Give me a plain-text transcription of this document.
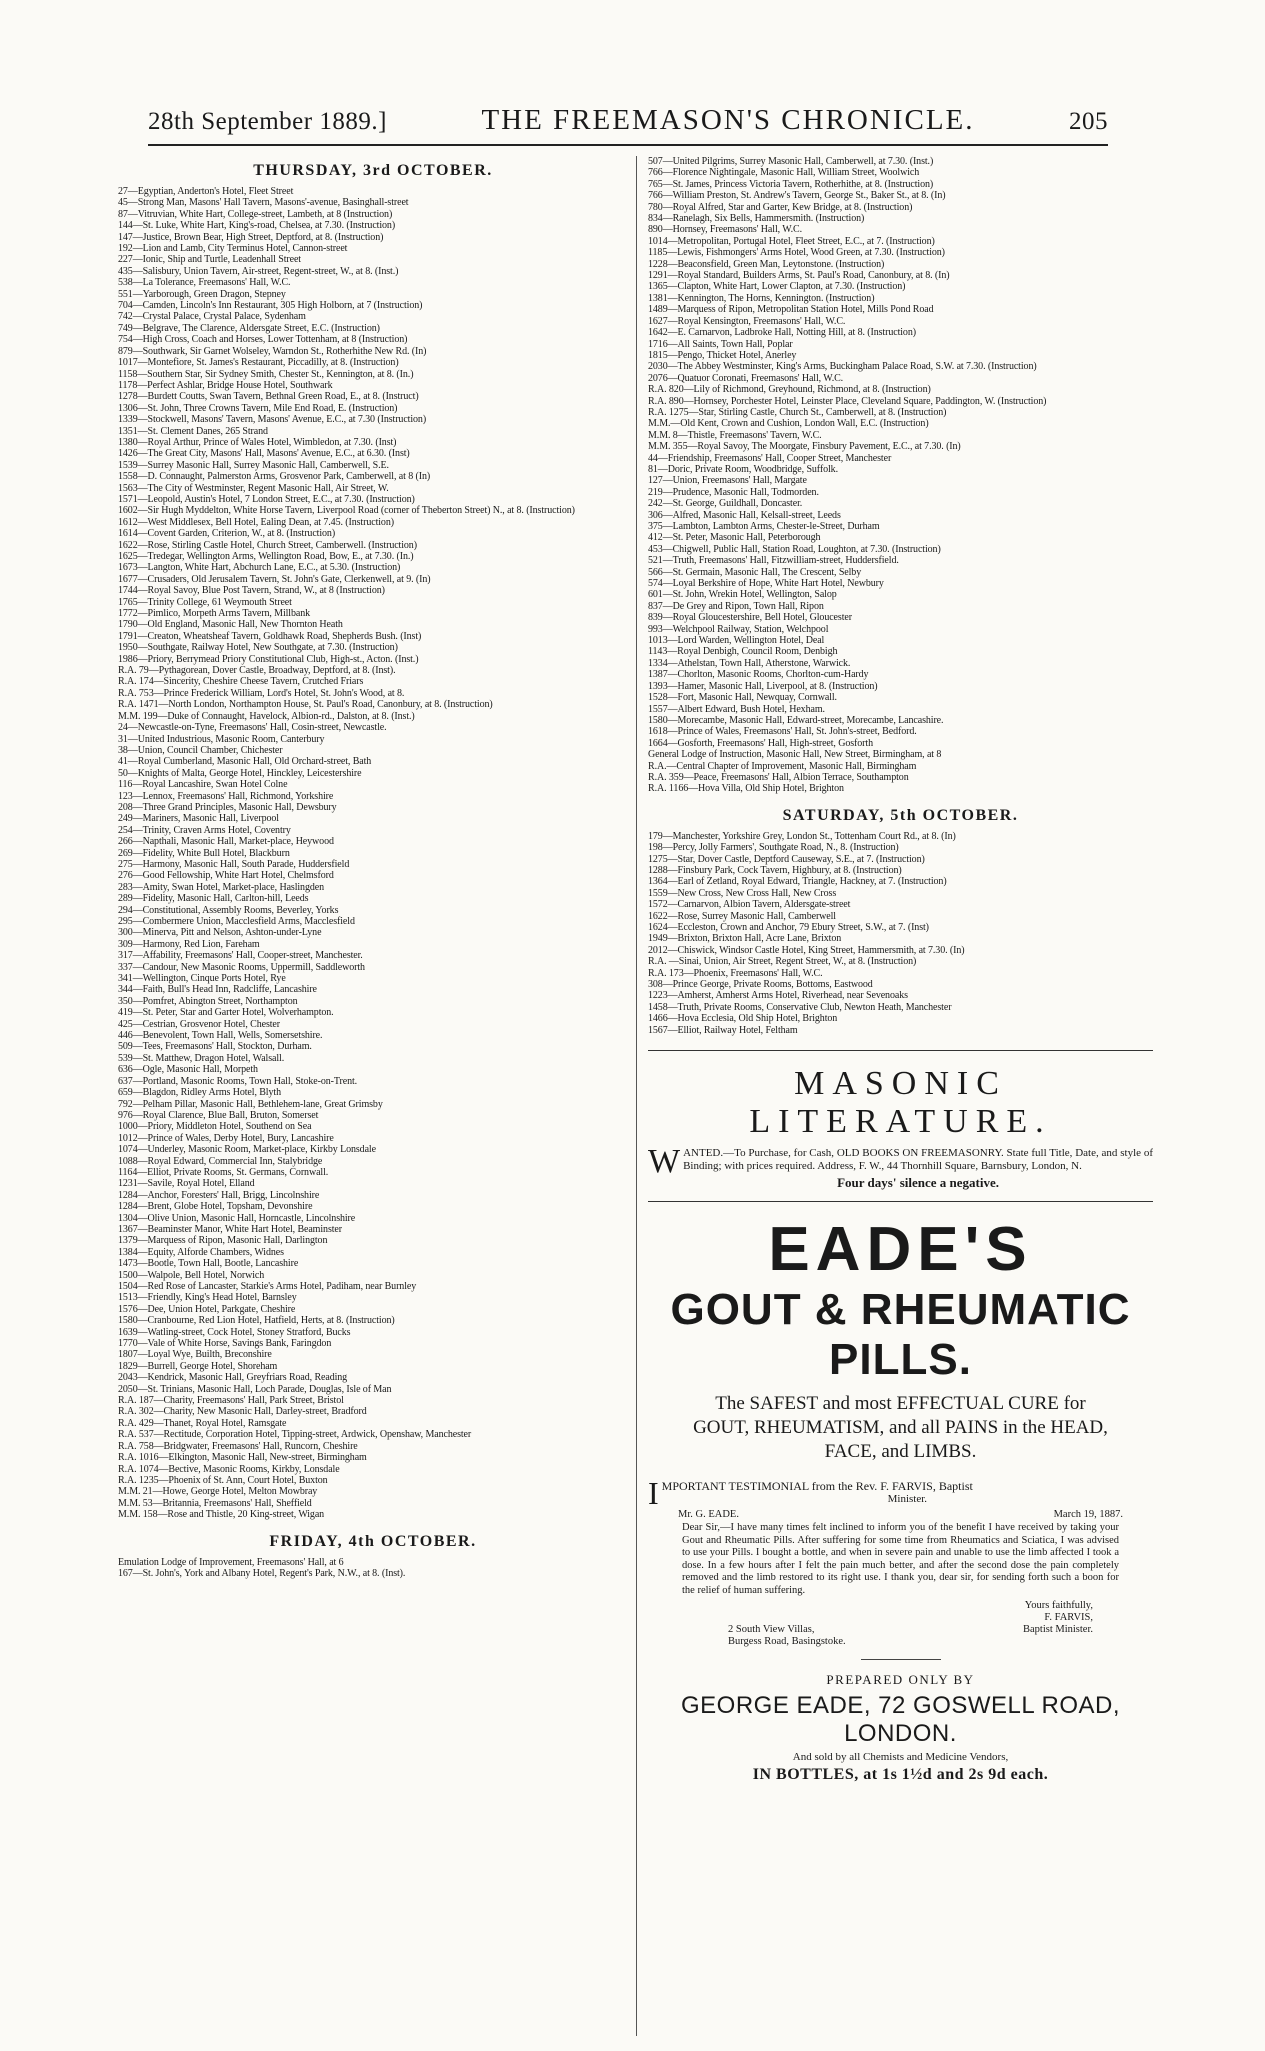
28th September 1889.]	THE FREEMASON'S CHRONICLE.	205
THURSDAY, 3rd OCTOBER.

27—Egyptian, Anderton's Hotel, Fleet Street

45—Strong Man, Masons' Hall Tavern, Masons'-avenue, Basinghall-street

87—Vitruvian, White Hart, College-street, Lambeth, at 8 (Instruction)

144—St. Luke, White Hart, King's-road, Chelsea, at 7.30. (Instruction)

147—Justice, Brown Bear, High Street, Deptford, at 8. (Instruction)

192—Lion and Lamb, City Terminus Hotel, Cannon-street

227—Ionic, Ship and Turtle, Leadenhall Street

435—Salisbury, Union Tavern, Air-street, Regent-street, W., at 8. (Inst.)

538—La Tolerance, Freemasons' Hall, W.C.

551—Yarborough, Green Dragon, Stepney

704—Camden, Lincoln's Inn Restaurant, 305 High Holborn, at 7 (Instruction)

742—Crystal Palace, Crystal Palace, Sydenham

749—Belgrave, The Clarence, Aldersgate Street, E.C. (Instruction)

754—High Cross, Coach and Horses, Lower Tottenham, at 8 (Instruction)

879—Southwark, Sir Garnet Wolseley, Warndon St., Rotherhithe New Rd. (In)

1017—Montefiore, St. James's Restaurant, Piccadilly, at 8. (Instruction)

1158—Southern Star, Sir Sydney Smith, Chester St., Kennington, at 8. (In.)

1178—Perfect Ashlar, Bridge House Hotel, Southwark

1278—Burdett Coutts, Swan Tavern, Bethnal Green Road, E., at 8. (Instruct)

1306—St. John, Three Crowns Tavern, Mile End Road, E. (Instruction)

1339—Stockwell, Masons' Tavern, Masons' Avenue, E.C., at 7.30 (Instruction)

1351—St. Clement Danes, 265 Strand

1380—Royal Arthur, Prince of Wales Hotel, Wimbledon, at 7.30. (Inst)

1426—The Great City, Masons' Hall, Masons' Avenue, E.C., at 6.30. (Inst)

1539—Surrey Masonic Hall, Surrey Masonic Hall, Camberwell, S.E.

1558—D. Connaught, Palmerston Arms, Grosvenor Park, Camberwell, at 8 (In)

1563—The City of Westminster, Regent Masonic Hall, Air Street, W.

1571—Leopold, Austin's Hotel, 7 London Street, E.C., at 7.30. (Instruction)

1602—Sir Hugh Myddelton, White Horse Tavern, Liverpool Road (corner of Theberton Street) N., at 8. (Instruction)

1612—West Middlesex, Bell Hotel, Ealing Dean, at 7.45. (Instruction)

1614—Covent Garden, Criterion, W., at 8. (Instruction)

1622—Rose, Stirling Castle Hotel, Church Street, Camberwell. (Instruction)

1625—Tredegar, Wellington Arms, Wellington Road, Bow, E., at 7.30. (In.)

1673—Langton, White Hart, Abchurch Lane, E.C., at 5.30. (Instruction)

1677—Crusaders, Old Jerusalem Tavern, St. John's Gate, Clerkenwell, at 9. (In)

1744—Royal Savoy, Blue Post Tavern, Strand, W., at 8 (Instruction)

1765—Trinity College, 61 Weymouth Street

1772—Pimlico, Morpeth Arms Tavern, Millbank

1790—Old England, Masonic Hall, New Thornton Heath

1791—Creaton, Wheatsheaf Tavern, Goldhawk Road, Shepherds Bush. (Inst)

1950—Southgate, Railway Hotel, New Southgate, at 7.30. (Instruction)

1986—Priory, Berrymead Priory Constitutional Club, High-st., Acton. (Inst.)

R.A. 79—Pythagorean, Dover Castle, Broadway, Deptford, at 8. (Inst).

R.A. 174—Sincerity, Cheshire Cheese Tavern, Crutched Friars

R.A. 753—Prince Frederick William, Lord's Hotel, St. John's Wood, at 8.

R.A. 1471—North London, Northampton House, St. Paul's Road, Canonbury, at 8. (Instruction)

M.M. 199—Duke of Connaught, Havelock, Albion-rd., Dalston, at 8. (Inst.)

24—Newcastle-on-Tyne, Freemasons' Hall, Cosin-street, Newcastle.

31—United Industrious, Masonic Room, Canterbury

38—Union, Council Chamber, Chichester

41—Royal Cumberland, Masonic Hall, Old Orchard-street, Bath

50—Knights of Malta, George Hotel, Hinckley, Leicestershire

116—Royal Lancashire, Swan Hotel Colne

123—Lennox, Freemasons' Hall, Richmond, Yorkshire

208—Three Grand Principles, Masonic Hall, Dewsbury

249—Mariners, Masonic Hall, Liverpool

254—Trinity, Craven Arms Hotel, Coventry

266—Napthali, Masonic Hall, Market-place, Heywood

269—Fidelity, White Bull Hotel, Blackburn

275—Harmony, Masonic Hall, South Parade, Huddersfield

276—Good Fellowship, White Hart Hotel, Chelmsford

283—Amity, Swan Hotel, Market-place, Haslingden

289—Fidelity, Masonic Hall, Carlton-hill, Leeds

294—Constitutional, Assembly Rooms, Beverley, Yorks

295—Combermere Union, Macclesfield Arms, Macclesfield

300—Minerva, Pitt and Nelson, Ashton-under-Lyne

309—Harmony, Red Lion, Fareham

317—Affability, Freemasons' Hall, Cooper-street, Manchester.

337—Candour, New Masonic Rooms, Uppermill, Saddleworth

341—Wellington, Cinque Ports Hotel, Rye

344—Faith, Bull's Head Inn, Radcliffe, Lancashire

350—Pomfret, Abington Street, Northampton

419—St. Peter, Star and Garter Hotel, Wolverhampton.

425—Cestrian, Grosvenor Hotel, Chester

446—Benevolent, Town Hall, Wells, Somersetshire.

509—Tees, Freemasons' Hall, Stockton, Durham.

539—St. Matthew, Dragon Hotel, Walsall.

636—Ogle, Masonic Hall, Morpeth

637—Portland, Masonic Rooms, Town Hall, Stoke-on-Trent.

659—Blagdon, Ridley Arms Hotel, Blyth

792—Pelham Pillar, Masonic Hall, Bethlehem-lane, Great Grimsby

976—Royal Clarence, Blue Ball, Bruton, Somerset

1000—Priory, Middleton Hotel, Southend on Sea

1012—Prince of Wales, Derby Hotel, Bury, Lancashire

1074—Underley, Masonic Room, Market-place, Kirkby Lonsdale

1088—Royal Edward, Commercial Inn, Stalybridge

1164—Elliot, Private Rooms, St. Germans, Cornwall.

1231—Savile, Royal Hotel, Elland

1284—Anchor, Foresters' Hall, Brigg, Lincolnshire

1284—Brent, Globe Hotel, Topsham, Devonshire

1304—Olive Union, Masonic Hall, Horncastle, Lincolnshire

1367—Beaminster Manor, White Hart Hotel, Beaminster

1379—Marquess of Ripon, Masonic Hall, Darlington

1384—Equity, Alforde Chambers, Widnes

1473—Bootle, Town Hall, Bootle, Lancashire

1500—Walpole, Bell Hotel, Norwich

1504—Red Rose of Lancaster, Starkie's Arms Hotel, Padiham, near Burnley

1513—Friendly, King's Head Hotel, Barnsley

1576—Dee, Union Hotel, Parkgate, Cheshire

1580—Cranbourne, Red Lion Hotel, Hatfield, Herts, at 8. (Instruction)

1639—Watling-street, Cock Hotel, Stoney Stratford, Bucks

1770—Vale of White Horse, Savings Bank, Faringdon

1807—Loyal Wye, Builth, Breconshire

1829—Burrell, George Hotel, Shoreham

2043—Kendrick, Masonic Hall, Greyfriars Road, Reading

2050—St. Trinians, Masonic Hall, Loch Parade, Douglas, Isle of Man

R.A. 187—Charity, Freemasons' Hall, Park Street, Bristol

R.A. 302—Charity, New Masonic Hall, Darley-street, Bradford

R.A. 429—Thanet, Royal Hotel, Ramsgate

R.A. 537—Rectitude, Corporation Hotel, Tipping-street, Ardwick, Openshaw, Manchester

R.A. 758—Bridgwater, Freemasons' Hall, Runcorn, Cheshire

R.A. 1016—Elkington, Masonic Hall, New-street, Birmingham

R.A. 1074—Bective, Masonic Rooms, Kirkby, Lonsdale

R.A. 1235—Phoenix of St. Ann, Court Hotel, Buxton

M.M. 21—Howe, George Hotel, Melton Mowbray

M.M. 53—Britannia, Freemasons' Hall, Sheffield

M.M. 158—Rose and Thistle, 20 King-street, Wigan

FRIDAY, 4th OCTOBER.

Emulation Lodge of Improvement, Freemasons' Hall, at 6

167—St. John's, York and Albany Hotel, Regent's Park, N.W., at 8. (Inst).

507—United Pilgrims, Surrey Masonic Hall, Camberwell, at 7.30. (Inst.)

766—Florence Nightingale, Masonic Hall, William Street, Woolwich

765—St. James, Princess Victoria Tavern, Rotherhithe, at 8. (Instruction)

766—William Preston, St. Andrew's Tavern, George St., Baker St., at 8. (In)

780—Royal Alfred, Star and Garter, Kew Bridge, at 8. (Instruction)

834—Ranelagh, Six Bells, Hammersmith. (Instruction)

890—Hornsey, Freemasons' Hall, W.C.

1014—Metropolitan, Portugal Hotel, Fleet Street, E.C., at 7. (Instruction)

1185—Lewis, Fishmongers' Arms Hotel, Wood Green, at 7.30. (Instruction)

1228—Beaconsfield, Green Man, Leytonstone. (Instruction)

1291—Royal Standard, Builders Arms, St. Paul's Road, Canonbury, at 8. (In)

1365—Clapton, White Hart, Lower Clapton, at 7.30. (Instruction)

1381—Kennington, The Horns, Kennington. (Instruction)

1489—Marquess of Ripon, Metropolitan Station Hotel, Mills Pond Road

1627—Royal Kensington, Freemasons' Hall, W.C.

1642—E. Carnarvon, Ladbroke Hall, Notting Hill, at 8. (Instruction)

1716—All Saints, Town Hall, Poplar

1815—Pengo, Thicket Hotel, Anerley

2030—The Abbey Westminster, King's Arms, Buckingham Palace Road, S.W. at 7.30. (Instruction)

2076—Quatuor Coronati, Freemasons' Hall, W.C.

R.A. 820—Lily of Richmond, Greyhound, Richmond, at 8. (Instruction)

R.A. 890—Hornsey, Porchester Hotel, Leinster Place, Cleveland Square, Paddington, W. (Instruction)

R.A. 1275—Star, Stirling Castle, Church St., Camberwell, at 8. (Instruction)

M.M.—Old Kent, Crown and Cushion, London Wall, E.C. (Instruction)

M.M. 8—Thistle, Freemasons' Tavern, W.C.

M.M. 355—Royal Savoy, The Moorgate, Finsbury Pavement, E.C., at 7.30. (In)

44—Friendship, Freemasons' Hall, Cooper Street, Manchester

81—Doric, Private Room, Woodbridge, Suffolk.

127—Union, Freemasons' Hall, Margate

219—Prudence, Masonic Hall, Todmorden.

242—St. George, Guildhall, Doncaster.

306—Alfred, Masonic Hall, Kelsall-street, Leeds

375—Lambton, Lambton Arms, Chester-le-Street, Durham

412—St. Peter, Masonic Hall, Peterborough

453—Chigwell, Public Hall, Station Road, Loughton, at 7.30. (Instruction)

521—Truth, Freemasons' Hall, Fitzwilliam-street, Huddersfield.

566—St. Germain, Masonic Hall, The Crescent, Selby

574—Loyal Berkshire of Hope, White Hart Hotel, Newbury

601—St. John, Wrekin Hotel, Wellington, Salop

837—De Grey and Ripon, Town Hall, Ripon

839—Royal Gloucestershire, Bell Hotel, Gloucester

993—Welchpool Railway, Station, Welchpool

1013—Lord Warden, Wellington Hotel, Deal

1143—Royal Denbigh, Council Room, Denbigh

1334—Athelstan, Town Hall, Atherstone, Warwick.

1387—Chorlton, Masonic Rooms, Chorlton-cum-Hardy

1393—Hamer, Masonic Hall, Liverpool, at 8. (Instruction)

1528—Fort, Masonic Hall, Newquay, Cornwall.

1557—Albert Edward, Bush Hotel, Hexham.

1580—Morecambe, Masonic Hall, Edward-street, Morecambe, Lancashire.

1618—Prince of Wales, Freemasons' Hall, St. John's-street, Bedford.

1664—Gosforth, Freemasons' Hall, High-street, Gosforth

General Lodge of Instruction, Masonic Hall, New Street, Birmingham, at 8

R.A.—Central Chapter of Improvement, Masonic Hall, Birmingham

R.A. 359—Peace, Freemasons' Hall, Albion Terrace, Southampton

R.A. 1166—Hova Villa, Old Ship Hotel, Brighton

SATURDAY, 5th OCTOBER.

179—Manchester, Yorkshire Grey, London St., Tottenham Court Rd., at 8. (In)

198—Percy, Jolly Farmers', Southgate Road, N., 8. (Instruction)

1275—Star, Dover Castle, Deptford Causeway, S.E., at 7. (Instruction)

1288—Finsbury Park, Cock Tavern, Highbury, at 8. (Instruction)

1364—Earl of Zetland, Royal Edward, Triangle, Hackney, at 7. (Instruction)

1559—New Cross, New Cross Hall, New Cross

1572—Carnarvon, Albion Tavern, Aldersgate-street

1622—Rose, Surrey Masonic Hall, Camberwell

1624—Eccleston, Crown and Anchor, 79 Ebury Street, S.W., at 7. (Inst)

1949—Brixton, Brixton Hall, Acre Lane, Brixton

2012—Chiswick, Windsor Castle Hotel, King Street, Hammersmith, at 7.30. (In)

R.A. —Sinai, Union, Air Street, Regent Street, W., at 8. (Instruction)

R.A. 173—Phoenix, Freemasons' Hall, W.C.

308—Prince George, Private Rooms, Bottoms, Eastwood

1223—Amherst, Amherst Arms Hotel, Riverhead, near Sevenoaks

1458—Truth, Private Rooms, Conservative Club, Newton Heath, Manchester

1466—Hova Ecclesia, Old Ship Hotel, Brighton

1567—Elliot, Railway Hotel, Feltham

MASONIC LITERATURE.

WANTED.—To Purchase, for Cash, OLD BOOKS ON FREEMASONRY. State full Title, Date, and style of Binding; with prices required. Address, F. W., 44 Thornhill Square, Barnsbury, London, N.

Four days' silence a negative.
EADE'S
GOUT & RHEUMATIC PILLS.
The SAFEST and most EFFECTUAL CURE for
GOUT, RHEUMATISM, and all PAINS in the HEAD,
FACE, and LIMBS.

IMPORTANT TESTIMONIAL from the Rev. F. FARVIS, Baptist

Minister.
Mr. G. EADE.	March 19, 1887.

Dear Sir,—I have many times felt inclined to inform you of the benefit I have received by taking your Gout and Rheumatic Pills. After suffering for some time from Rheumatics and Sciatica, I was advised to use your Pills. I bought a bottle, and when in severe pain and unable to use the limb affected I took a dose. In a few hours after I felt the pain much better, and after the second dose the pain completely removed and the limb restored to its right use. I thank you, dear sir, for sending forth such a boon for the relief of human suffering.

Yours faithfully,
F. FARVIS,
2 South View Villas,	Baptist Minister.
Burgess Road, Basingstoke.
PREPARED ONLY BY
GEORGE EADE, 72 GOSWELL ROAD, LONDON.
And sold by all Chemists and Medicine Vendors,
IN BOTTLES, at 1s 1½d and 2s 9d each.
